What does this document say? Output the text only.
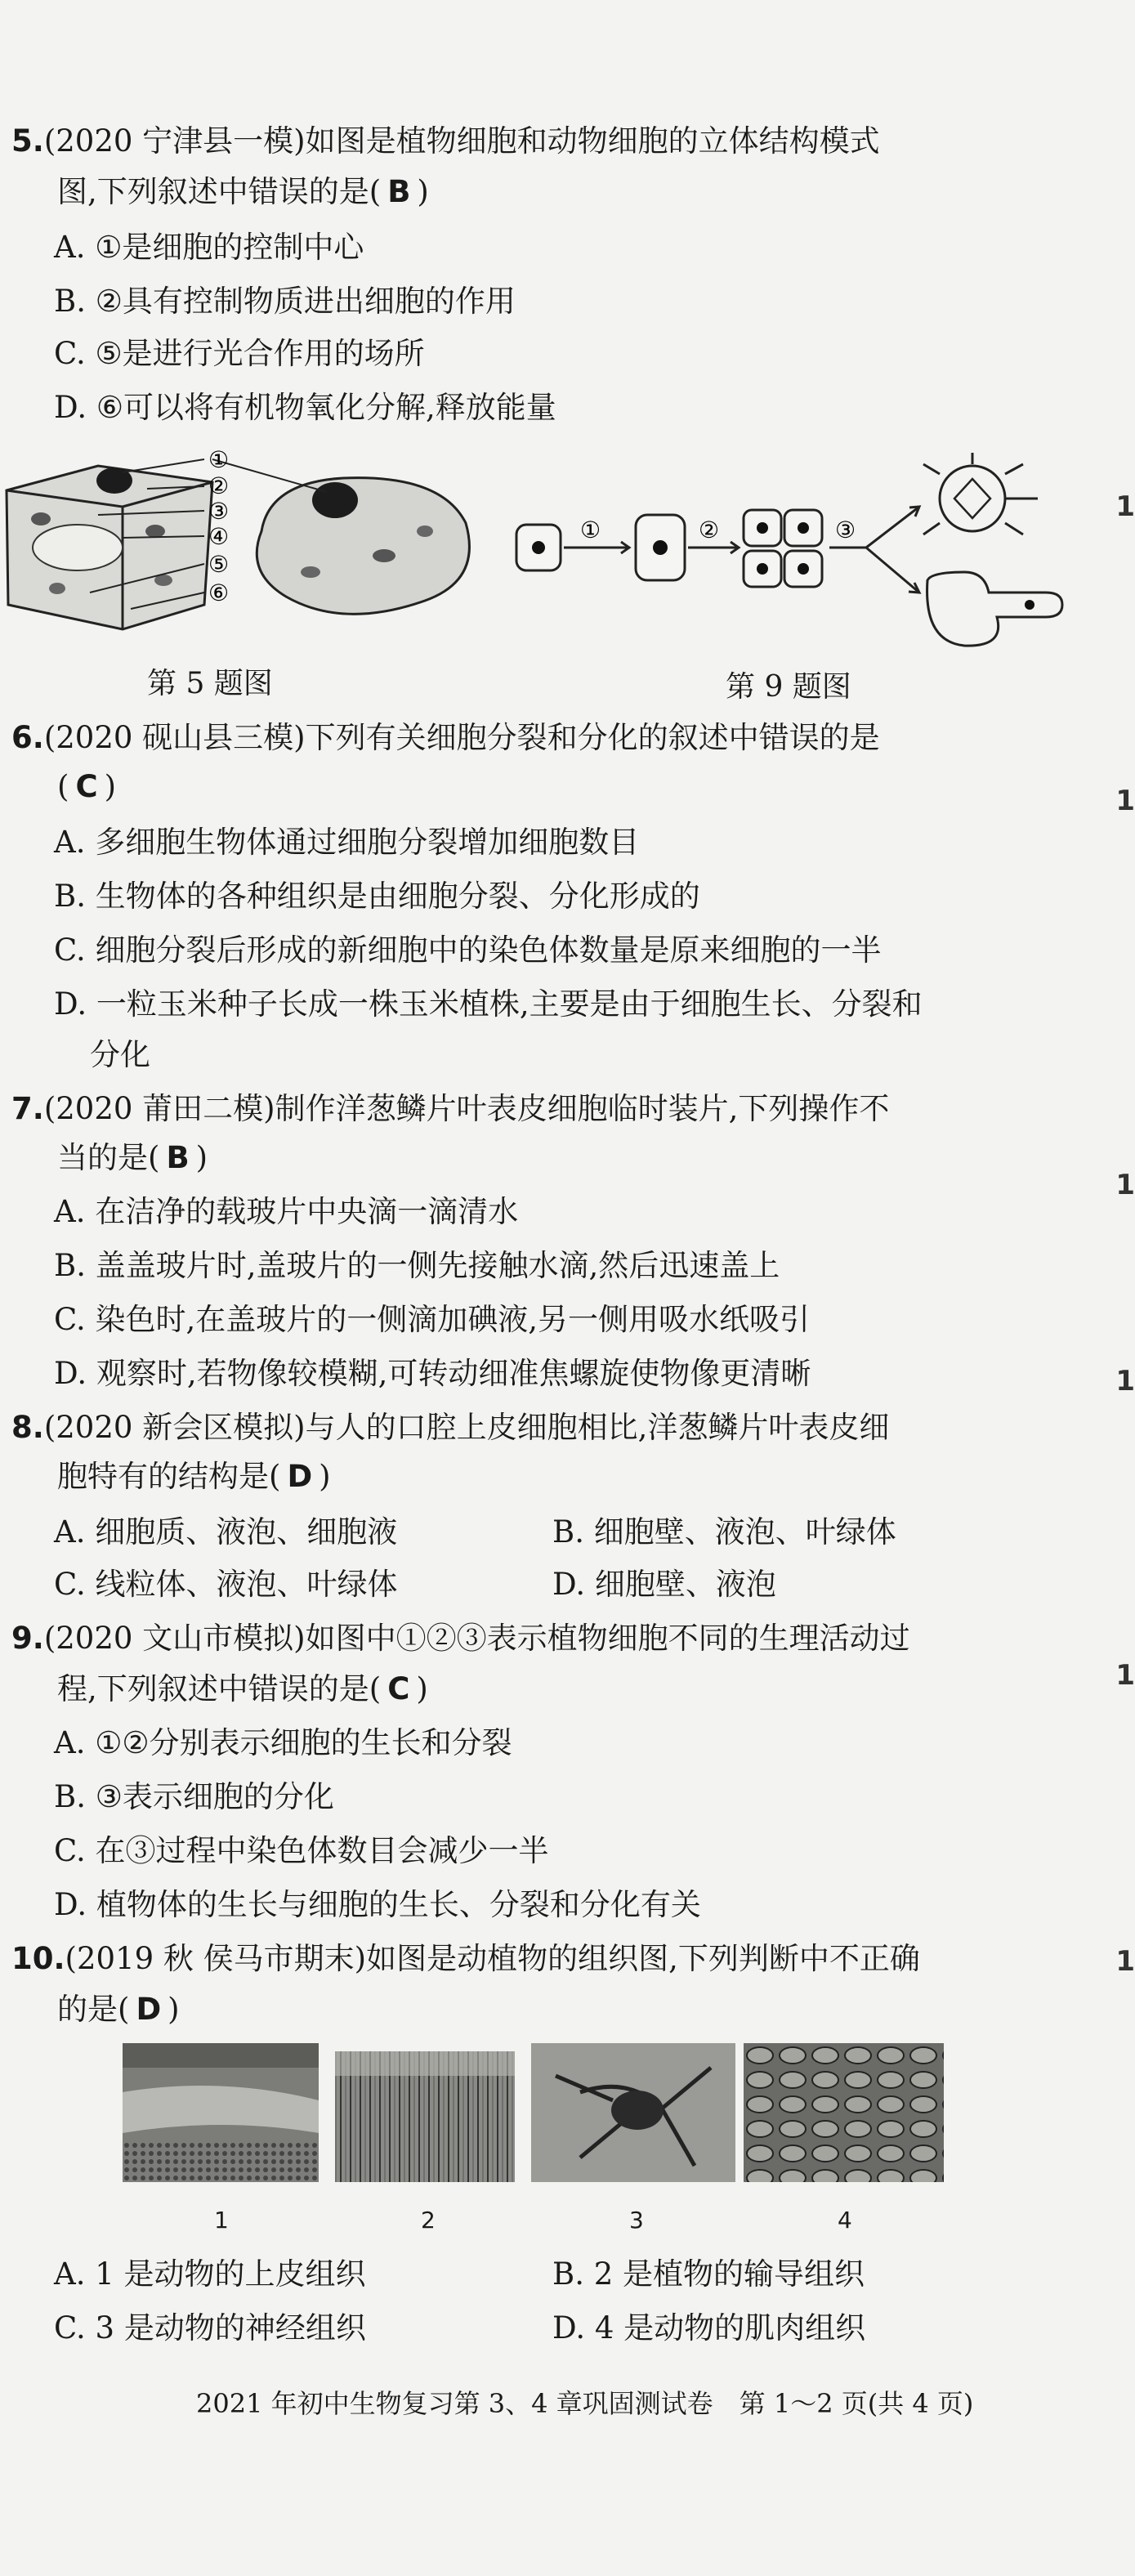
5.(2020 宁津县一模)如图是植物细胞和动物细胞的立体结构模式
图,下列叙述中错误的是( B )
A. ①是细胞的控制中心
B. ②具有控制物质进出细胞的作用
C. ⑤是进行光合作用的场所
D. ⑥可以将有机物氧化分解,释放能量
①
②
③
④
⑤
⑥
第 5 题图
①	②	③
第 9 题图
6.(2020 砚山县三模)下列有关细胞分裂和分化的叙述中错误的是
( C )
A. 多细胞生物体通过细胞分裂增加细胞数目
B. 生物体的各种组织是由细胞分裂、分化形成的
C. 细胞分裂后形成的新细胞中的染色体数量是原来细胞的一半
D. 一粒玉米种子长成一株玉米植株,主要是由于细胞生长、分裂和
分化
7.(2020 莆田二模)制作洋葱鳞片叶表皮细胞临时装片,下列操作不
当的是( B )
A. 在洁净的载玻片中央滴一滴清水
B. 盖盖玻片时,盖玻片的一侧先接触水滴,然后迅速盖上
C. 染色时,在盖玻片的一侧滴加碘液,另一侧用吸水纸吸引
D. 观察时,若物像较模糊,可转动细准焦螺旋使物像更清晰
8.(2020 新会区模拟)与人的口腔上皮细胞相比,洋葱鳞片叶表皮细
胞特有的结构是( D )
A. 细胞质、液泡、细胞液	B. 细胞壁、液泡、叶绿体
C. 线粒体、液泡、叶绿体	D. 细胞壁、液泡
9.(2020 文山市模拟)如图中①②③表示植物细胞不同的生理活动过
程,下列叙述中错误的是( C )
A. ①②分别表示细胞的生长和分裂
B. ③表示细胞的分化
C. 在③过程中染色体数目会减少一半
D. 植物体的生长与细胞的生长、分裂和分化有关
10.(2019 秋 侯马市期末)如图是动植物的组织图,下列判断中不正确
的是( D )
1	2	3	4
A. 1 是动物的上皮组织	B. 2 是植物的输导组织
C. 3 是动物的神经组织	D. 4 是动物的肌肉组织
2021 年初中生物复习第 3、4 章巩固测试卷　第 1～2 页(共 4 页)
1
1
1
1
1
1
